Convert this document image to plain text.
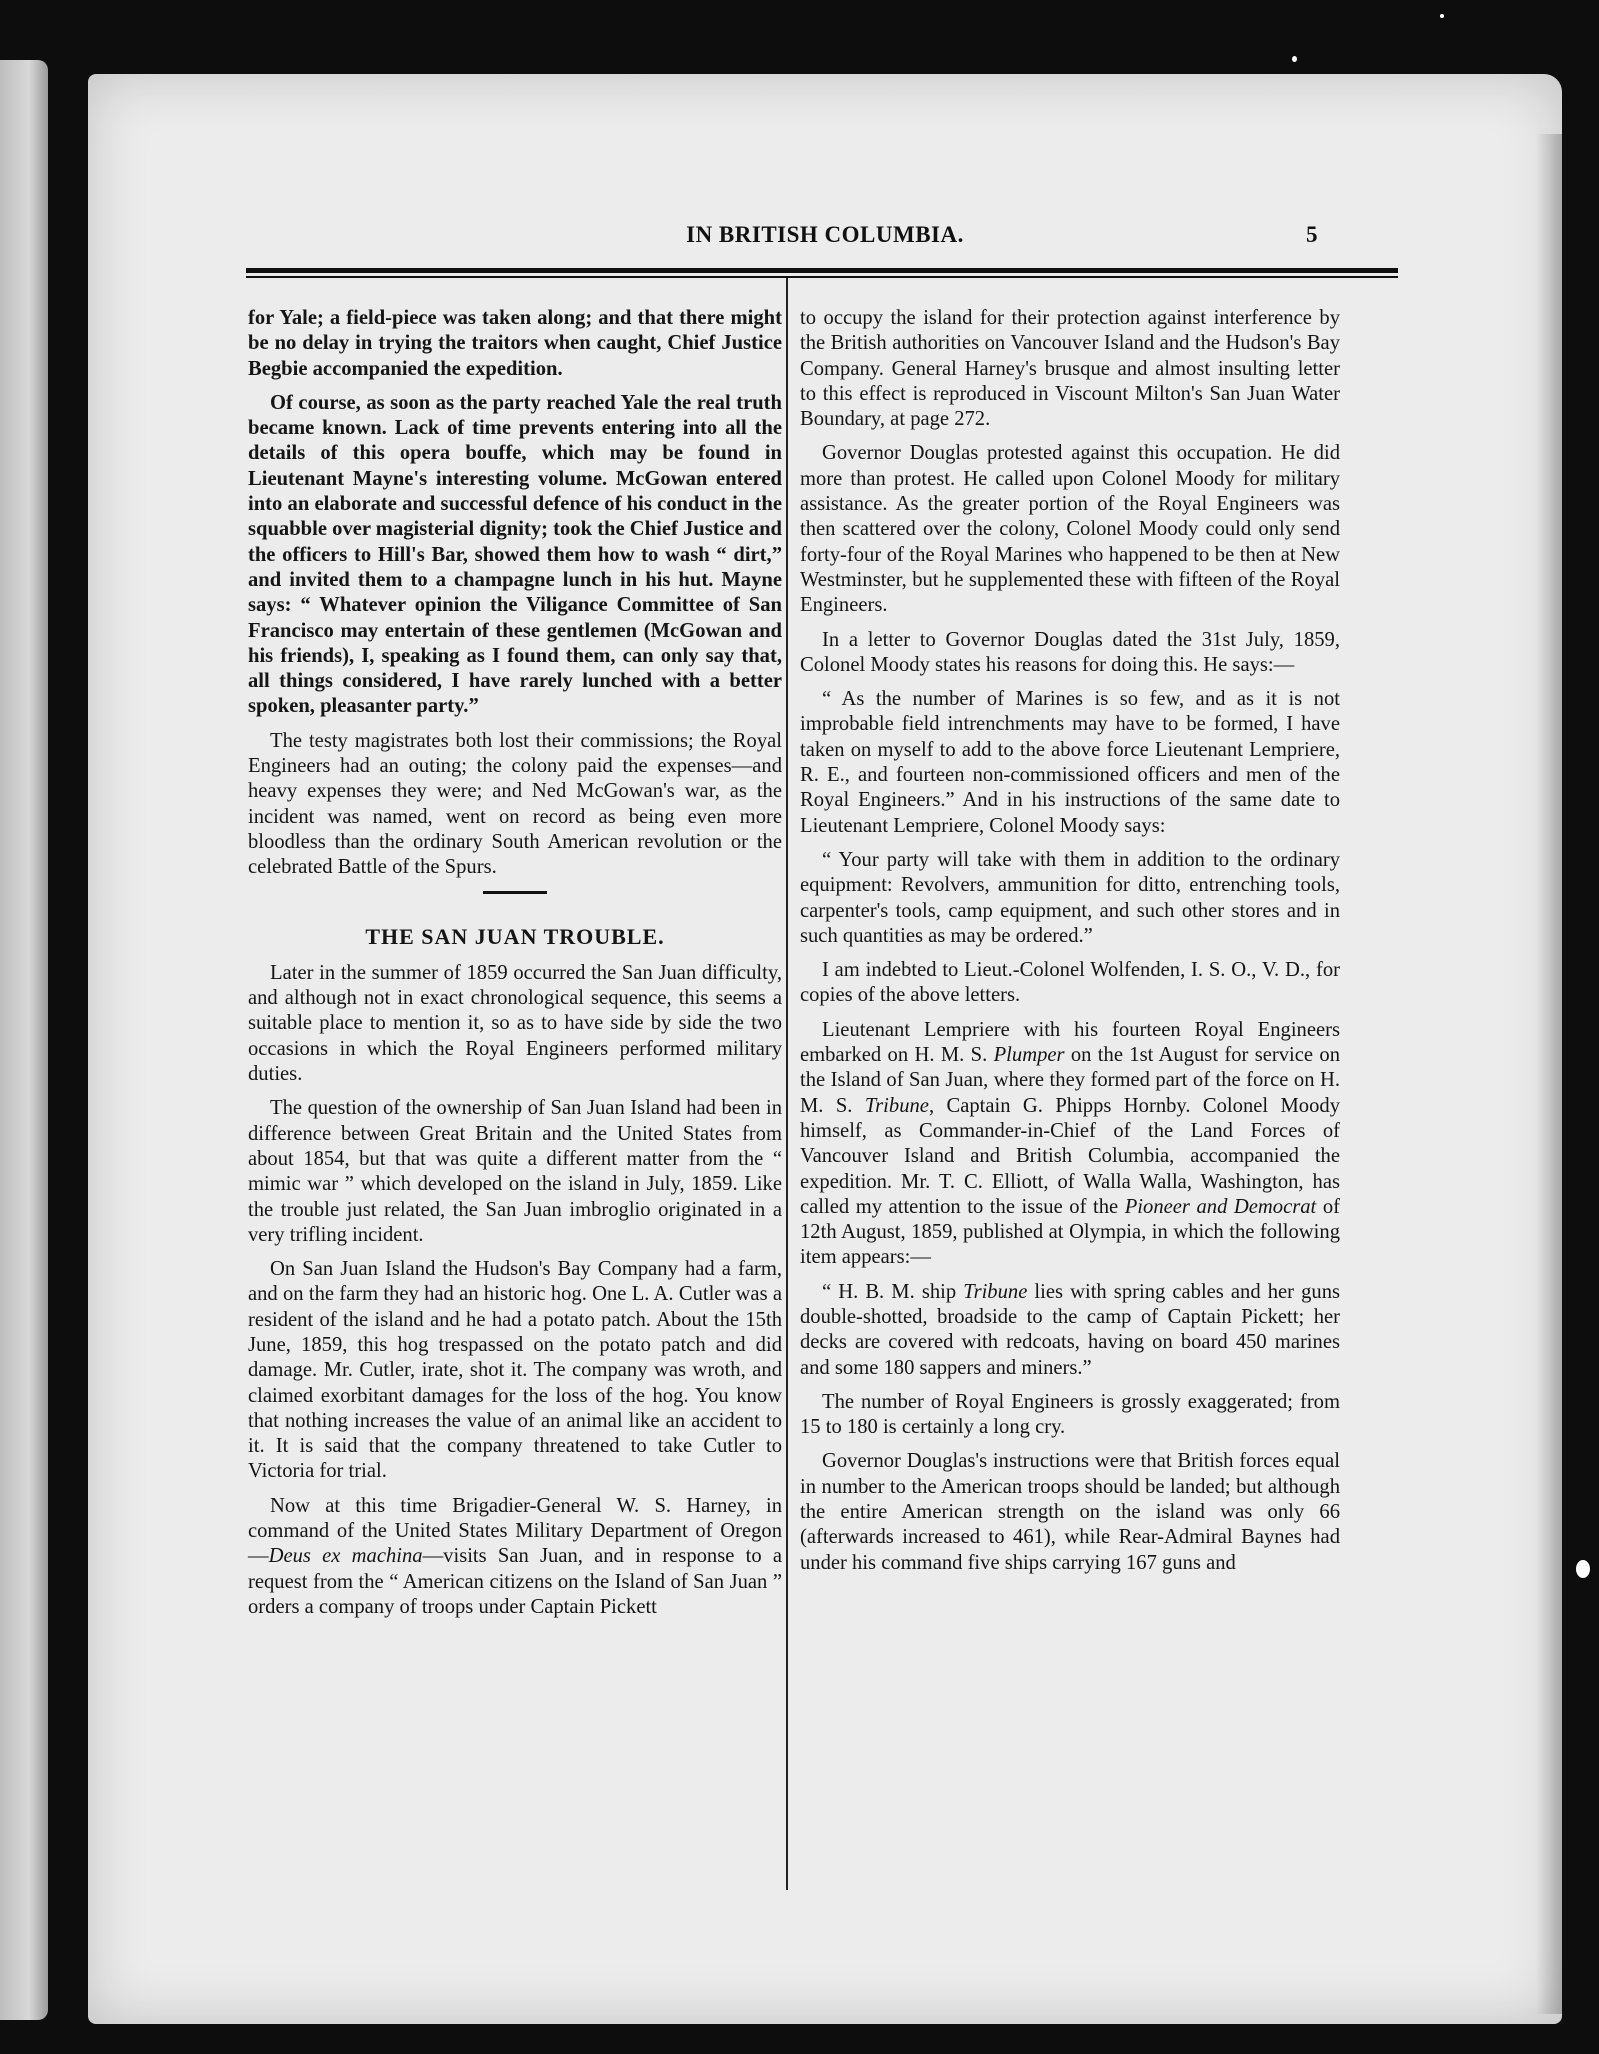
IN BRITISH COLUMBIA.	5

for Yale; a field-piece was taken along; and that there might be no delay in trying the traitors when caught, Chief Justice Begbie accompanied the expedition.

Of course, as soon as the party reached Yale the real truth became known. Lack of time prevents entering into all the details of this opera bouffe, which may be found in Lieutenant Mayne's interesting volume. McGowan entered into an elaborate and successful defence of his conduct in the squabble over magisterial dignity; took the Chief Justice and the officers to Hill's Bar, showed them how to wash “ dirt,” and invited them to a champagne lunch in his hut. Mayne says: “ Whatever opinion the Viligance Committee of San Francisco may entertain of these gentlemen (McGowan and his friends), I, speaking as I found them, can only say that, all things considered, I have rarely lunched with a better spoken, pleasanter party.”

The testy magistrates both lost their commissions; the Royal Engineers had an outing; the colony paid the expenses—and heavy expenses they were; and Ned McGowan's war, as the incident was named, went on record as being even more bloodless than the ordinary South American revolution or the celebrated Battle of the Spurs.

THE SAN JUAN TROUBLE.

Later in the summer of 1859 occurred the San Juan difficulty, and although not in exact chronological sequence, this seems a suitable place to mention it, so as to have side by side the two occasions in which the Royal Engineers performed military duties.

The question of the ownership of San Juan Island had been in difference between Great Britain and the United States from about 1854, but that was quite a different matter from the “ mimic war ” which developed on the island in July, 1859. Like the trouble just related, the San Juan imbroglio originated in a very trifling incident.

On San Juan Island the Hudson's Bay Company had a farm, and on the farm they had an historic hog. One L. A. Cutler was a resident of the island and he had a potato patch. About the 15th June, 1859, this hog trespassed on the potato patch and did damage. Mr. Cutler, irate, shot it. The company was wroth, and claimed exorbitant damages for the loss of the hog. You know that nothing increases the value of an animal like an accident to it. It is said that the company threatened to take Cutler to Victoria for trial.

Now at this time Brigadier-General W. S. Harney, in command of the United States Military Department of Oregon—Deus ex machina—visits San Juan, and in response to a request from the “ American citizens on the Island of San Juan ” orders a company of troops under Captain Pickett

to occupy the island for their protection against interference by the British authorities on Vancouver Island and the Hudson's Bay Company. General Harney's brusque and almost insulting letter to this effect is reproduced in Viscount Milton's San Juan Water Boundary, at page 272.

Governor Douglas protested against this occupation. He did more than protest. He called upon Colonel Moody for military assistance. As the greater portion of the Royal Engineers was then scattered over the colony, Colonel Moody could only send forty-four of the Royal Marines who happened to be then at New Westminster, but he supplemented these with fifteen of the Royal Engineers.

In a letter to Governor Douglas dated the 31st July, 1859, Colonel Moody states his reasons for doing this. He says:—

“ As the number of Marines is so few, and as it is not improbable field intrenchments may have to be formed, I have taken on myself to add to the above force Lieutenant Lempriere, R. E., and fourteen non-commissioned officers and men of the Royal Engineers.” And in his instructions of the same date to Lieutenant Lempriere, Colonel Moody says:

“ Your party will take with them in addition to the ordinary equipment: Revolvers, ammunition for ditto, entrenching tools, carpenter's tools, camp equipment, and such other stores and in such quantities as may be ordered.”

I am indebted to Lieut.-Colonel Wolfenden, I. S. O., V. D., for copies of the above letters.

Lieutenant Lempriere with his fourteen Royal Engineers embarked on H. M. S. Plumper on the 1st August for service on the Island of San Juan, where they formed part of the force on H. M. S. Tribune, Captain G. Phipps Hornby. Colonel Moody himself, as Commander-in-Chief of the Land Forces of Vancouver Island and British Columbia, accompanied the expedition. Mr. T. C. Elliott, of Walla Walla, Washington, has called my attention to the issue of the Pioneer and Democrat of 12th August, 1859, published at Olympia, in which the following item appears:—

“ H. B. M. ship Tribune lies with spring cables and her guns double-shotted, broadside to the camp of Captain Pickett; her decks are covered with redcoats, having on board 450 marines and some 180 sappers and miners.”

The number of Royal Engineers is grossly exaggerated; from 15 to 180 is certainly a long cry.

Governor Douglas's instructions were that British forces equal in number to the American troops should be landed; but although the entire American strength on the island was only 66 (afterwards increased to 461), while Rear-Admiral Baynes had under his command five ships carrying 167 guns and
